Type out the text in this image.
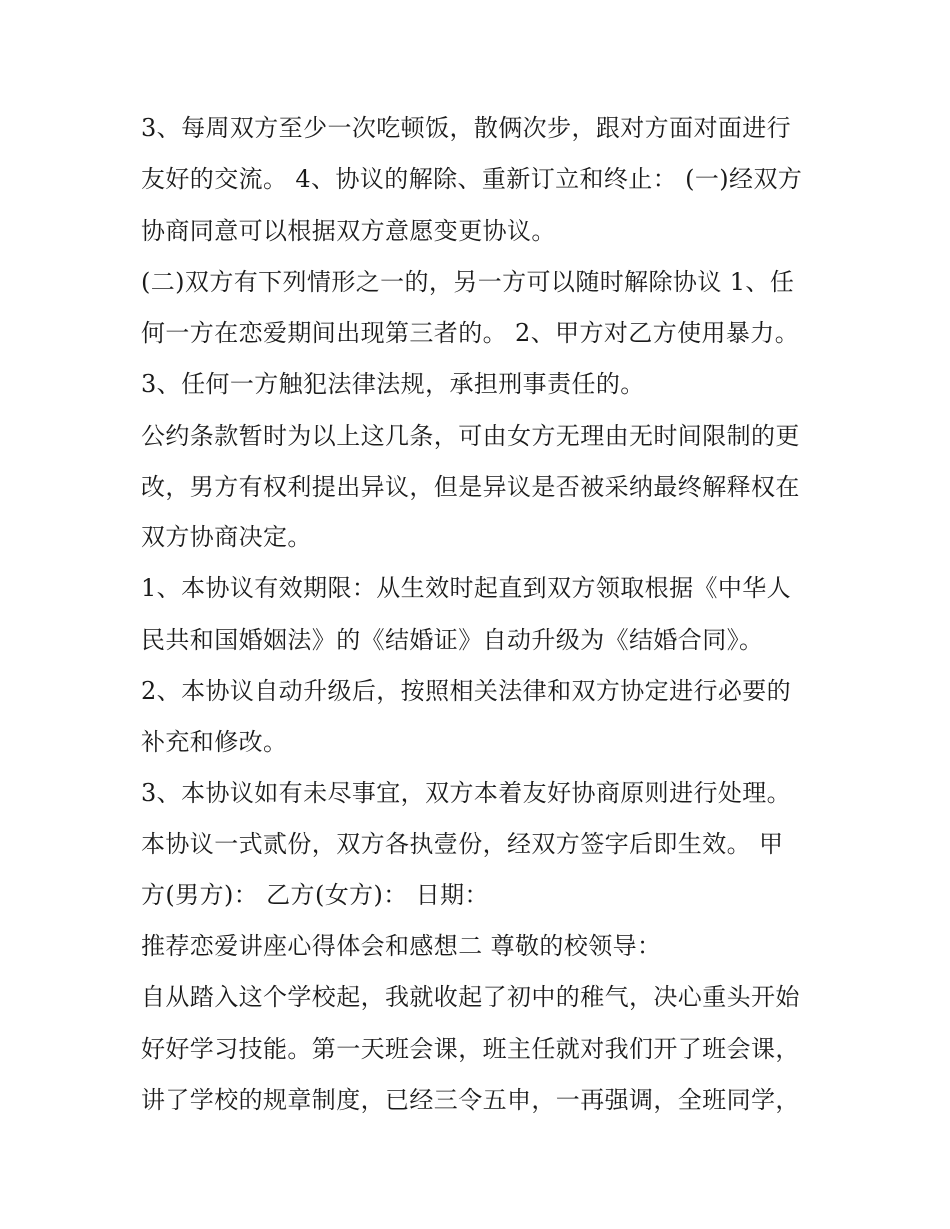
3、每周双方至少一次吃顿饭，散俩次步，跟对方面对面进行
友好的交流。 4、协议的解除、重新订立和终止： (一)经双方
协商同意可以根据双方意愿变更协议。
(二)双方有下列情形之一的，另一方可以随时解除协议 1、任
何一方在恋爱期间出现第三者的。 2、甲方对乙方使用暴力。
3、任何一方触犯法律法规，承担刑事责任的。
公约条款暂时为以上这几条，可由女方无理由无时间限制的更
改，男方有权利提出异议，但是异议是否被采纳最终解释权在
双方协商决定。
1、本协议有效期限：从生效时起直到双方领取根据《中华人
民共和国婚姻法》的《结婚证》自动升级为《结婚合同》。
2、本协议自动升级后，按照相关法律和双方协定进行必要的
补充和修改。
3、本协议如有未尽事宜，双方本着友好协商原则进行处理。
本协议一式贰份，双方各执壹份，经双方签字后即生效。 甲
方(男方)： 乙方(女方)： 日期：
推荐恋爱讲座心得体会和感想二 尊敬的校领导：
自从踏入这个学校起，我就收起了初中的稚气，决心重头开始
好好学习技能。第一天班会课，班主任就对我们开了班会课，
讲了学校的规章制度，已经三令五申，一再强调，全班同学，
